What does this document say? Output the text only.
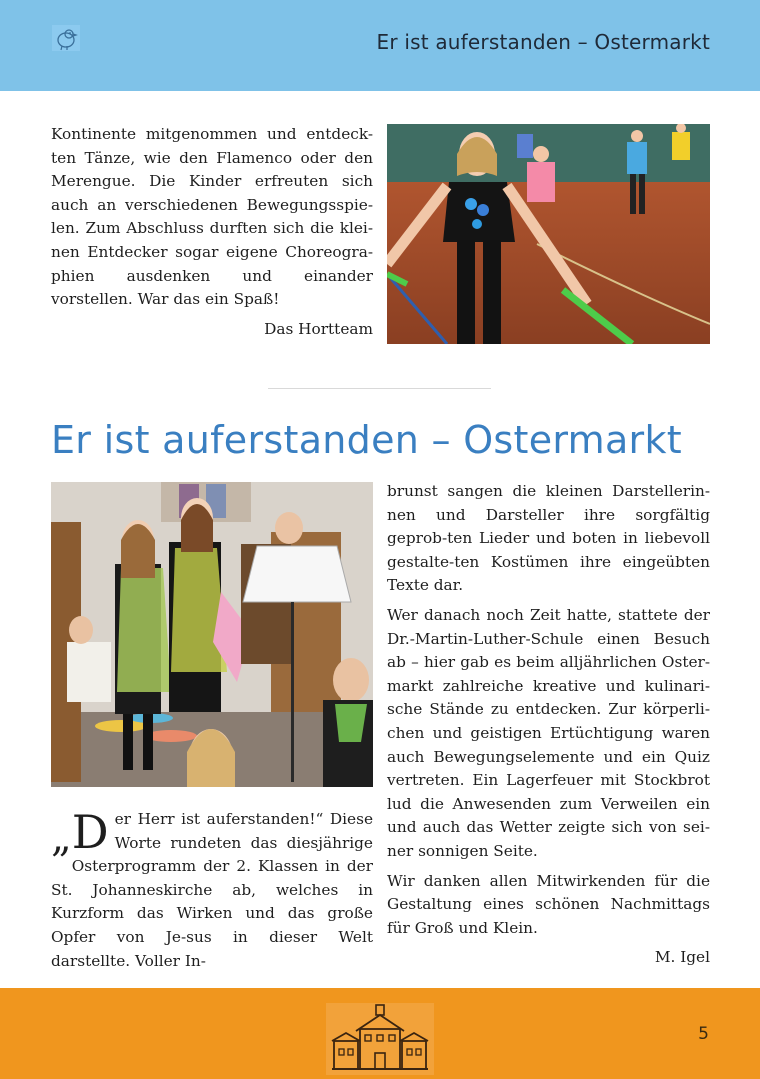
Er ist auferstanden – Ostermarkt

Kontinente mitgenommen und entdeck-ten Tänze, wie den Flamenco oder den Merengue. Die Kinder erfreuten sich auch an verschiedenen Bewegungsspie-len. Zum Abschluss durften sich die klei-nen Entdecker sogar eigene Choreogra-phien ausdenken und einander vorstellen. War das ein Spaß!

Das Hortteam

Er ist auferstanden – Ostermarkt

„ D er Herr ist auferstanden!“ Diese Worte rundeten das diesjährige Osterprogramm der 2. Klassen in der St. Johanneskirche ab, welches in Kurzform das Wirken und das große Opfer von Je-sus in dieser Welt darstellte. Voller In-

brunst sangen die kleinen Darstellerin-nen und Darsteller ihre sorgfältig geprob-ten Lieder und boten in liebevoll gestalte-ten Kostümen ihre eingeübten Texte dar.

Wer danach noch Zeit hatte, stattete der Dr.-Martin-Luther-Schule einen Besuch ab – hier gab es beim alljährlichen Oster-markt zahlreiche kreative und kulinari-sche Stände zu entdecken. Zur körperli-chen und geistigen Ertüchtigung waren auch Bewegungselemente und ein Quiz vertreten. Ein Lagerfeuer mit Stockbrot lud die Anwesenden zum Verweilen ein und auch das Wetter zeigte sich von sei-ner sonnigen Seite.

Wir danken allen Mitwirkenden für die Gestaltung eines schönen Nachmittags für Groß und Klein.

M. Igel

5
